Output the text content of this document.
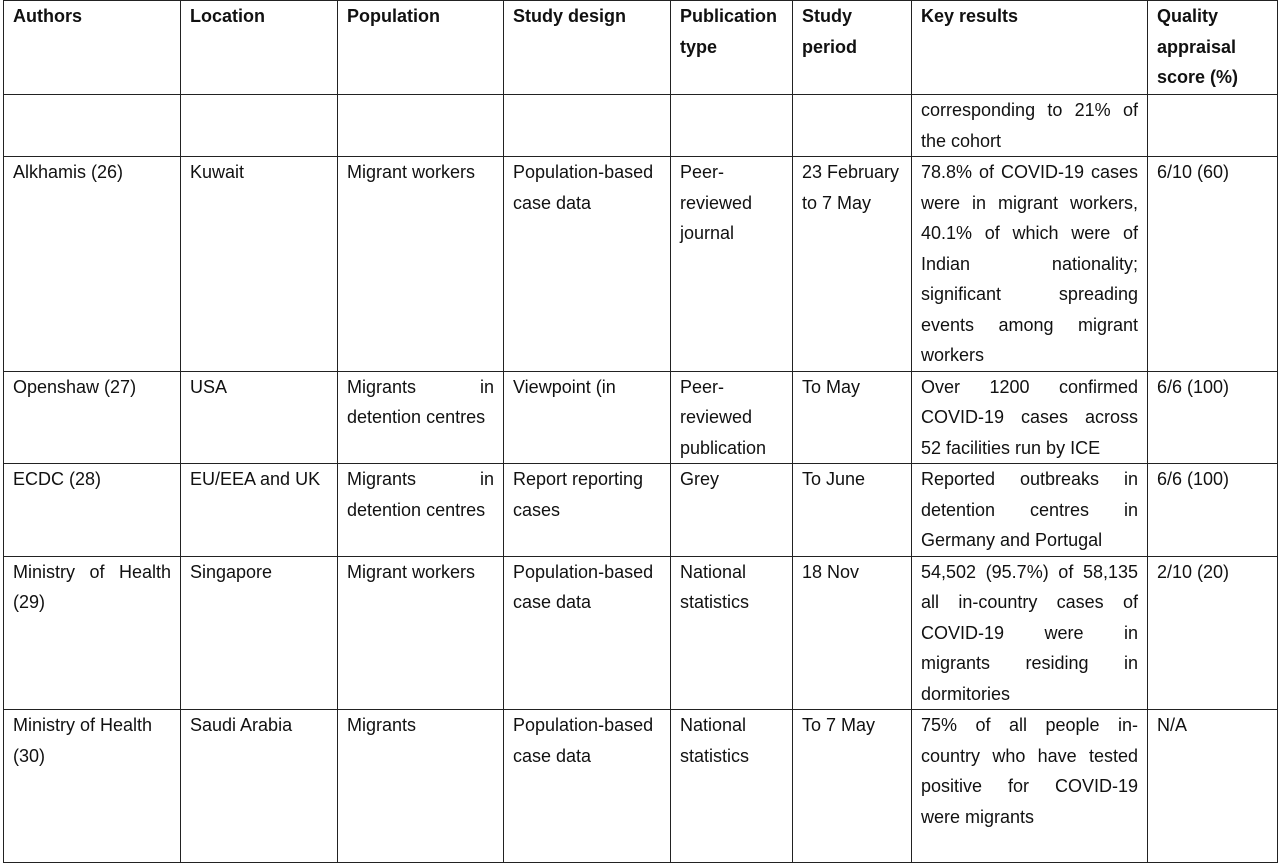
Authors	Location	Population	Study design	Publication type	Study period	Key results	Quality appraisal score (%)
						corresponding to 21% of the cohort	
Alkhamis (26)	Kuwait	Migrant workers	Population-based case data	Peer-reviewed journal	23 February to 7 May	78.8% of COVID-19 cases were in migrant workers, 40.1% of which were of Indian nationality; significant spreading events among migrant workers	6/10 (60)
Openshaw (27)	USA	Migrants in detention centres	Viewpoint (in	Peer-reviewed publication	To May	Over 1200 confirmed COVID-19 cases across 52 facilities run by ICE	6/6 (100)
ECDC (28)	EU/EEA and UK	Migrants in detention centres	Report reporting cases	Grey	To June	Reported outbreaks in detention centres in Germany and Portugal	6/6 (100)
Ministry of Health (29)	Singapore	Migrant workers	Population-based case data	National statistics	18 Nov	54,502 (95.7%) of 58,135 all in-country cases of COVID-19 were in migrants residing in dormitories	2/10 (20)
Ministry of Health (30)	Saudi Arabia	Migrants	Population-based case data	National statistics	To 7 May	75% of all people in-country who have tested positive for COVID-19 were migrants	N/A
